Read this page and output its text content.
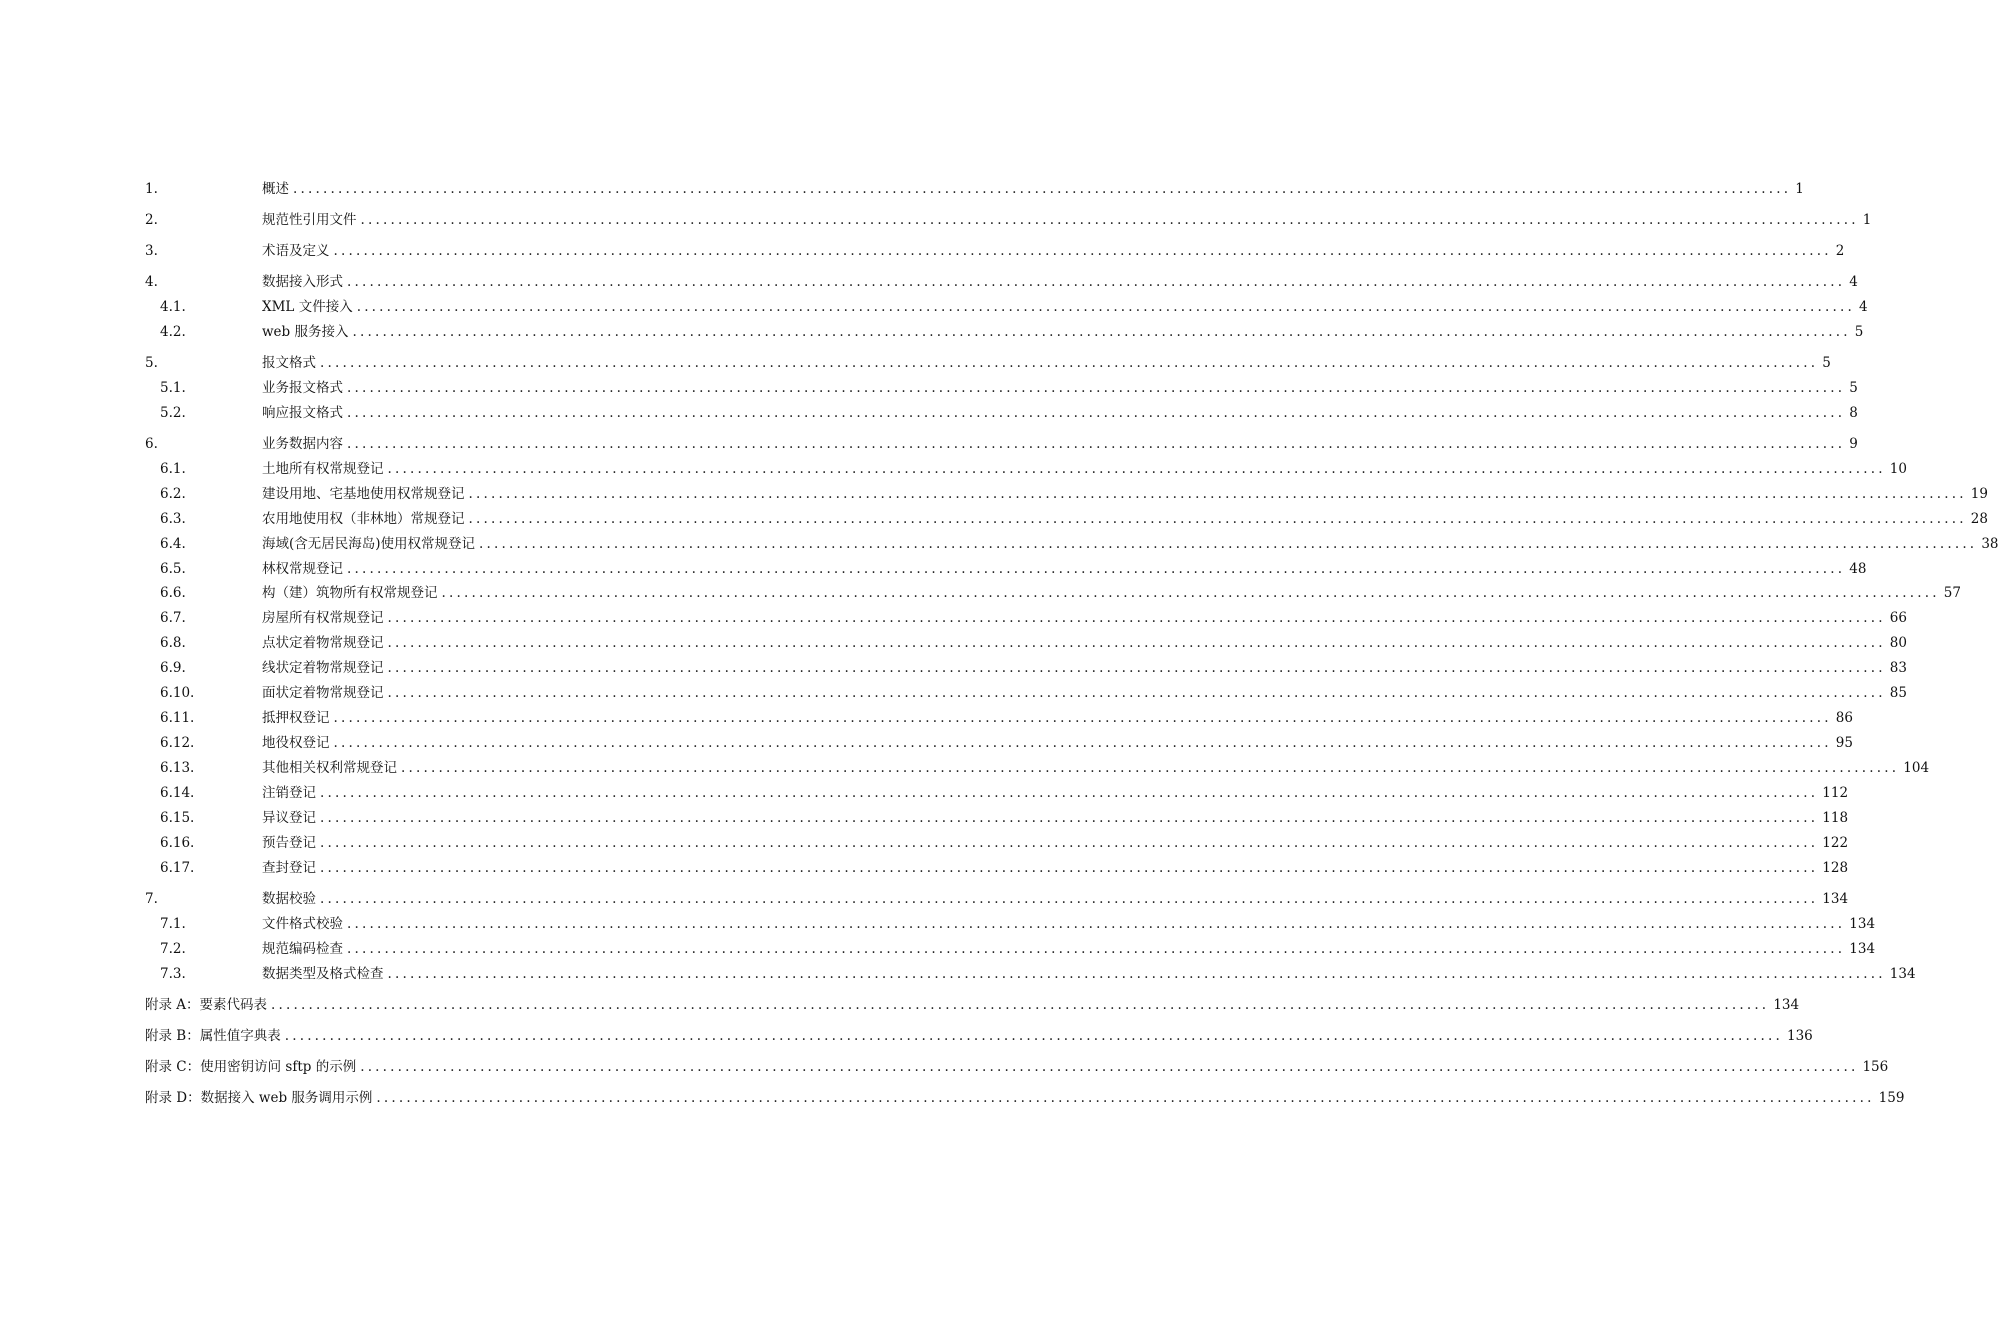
1.	概述 ........................................................................................................................................................................................................ 1
2.	规范性引用文件 ........................................................................................................................................................................................................ 1
3.	术语及定义 ........................................................................................................................................................................................................ 2
4.	数据接入形式 ........................................................................................................................................................................................................ 4
4.1.	XML 文件接入 ........................................................................................................................................................................................................ 4
4.2.	web 服务接入 ........................................................................................................................................................................................................ 5
5.	报文格式 ........................................................................................................................................................................................................ 5
5.1.	业务报文格式 ........................................................................................................................................................................................................ 5
5.2.	响应报文格式 ........................................................................................................................................................................................................ 8
6.	业务数据内容 ........................................................................................................................................................................................................ 9
6.1.	土地所有权常规登记 ........................................................................................................................................................................................................ 10
6.2.	建设用地、宅基地使用权常规登记 ........................................................................................................................................................................................................ 19
6.3.	农用地使用权（非林地）常规登记 ........................................................................................................................................................................................................ 28
6.4.	海域(含无居民海岛)使用权常规登记 ........................................................................................................................................................................................................ 38
6.5.	林权常规登记 ........................................................................................................................................................................................................ 48
6.6.	构（建）筑物所有权常规登记 ........................................................................................................................................................................................................ 57
6.7.	房屋所有权常规登记 ........................................................................................................................................................................................................ 66
6.8.	点状定着物常规登记 ........................................................................................................................................................................................................ 80
6.9.	线状定着物常规登记 ........................................................................................................................................................................................................ 83
6.10.	面状定着物常规登记 ........................................................................................................................................................................................................ 85
6.11.	抵押权登记 ........................................................................................................................................................................................................ 86
6.12.	地役权登记 ........................................................................................................................................................................................................ 95
6.13.	其他相关权利常规登记 ........................................................................................................................................................................................................ 104
6.14.	注销登记 ........................................................................................................................................................................................................ 112
6.15.	异议登记 ........................................................................................................................................................................................................ 118
6.16.	预告登记 ........................................................................................................................................................................................................ 122
6.17.	查封登记 ........................................................................................................................................................................................................ 128
7.	数据校验 ........................................................................................................................................................................................................ 134
7.1.	文件格式校验 ........................................................................................................................................................................................................ 134
7.2.	规范编码检查 ........................................................................................................................................................................................................ 134
7.3.	数据类型及格式检查 ........................................................................................................................................................................................................ 134
附录 A：要素代码表 ........................................................................................................................................................................................................ 134
附录 B：属性值字典表 ........................................................................................................................................................................................................ 136
附录 C：使用密钥访问 sftp 的示例 ........................................................................................................................................................................................................ 156
附录 D：数据接入 web 服务调用示例 ........................................................................................................................................................................................................ 159
